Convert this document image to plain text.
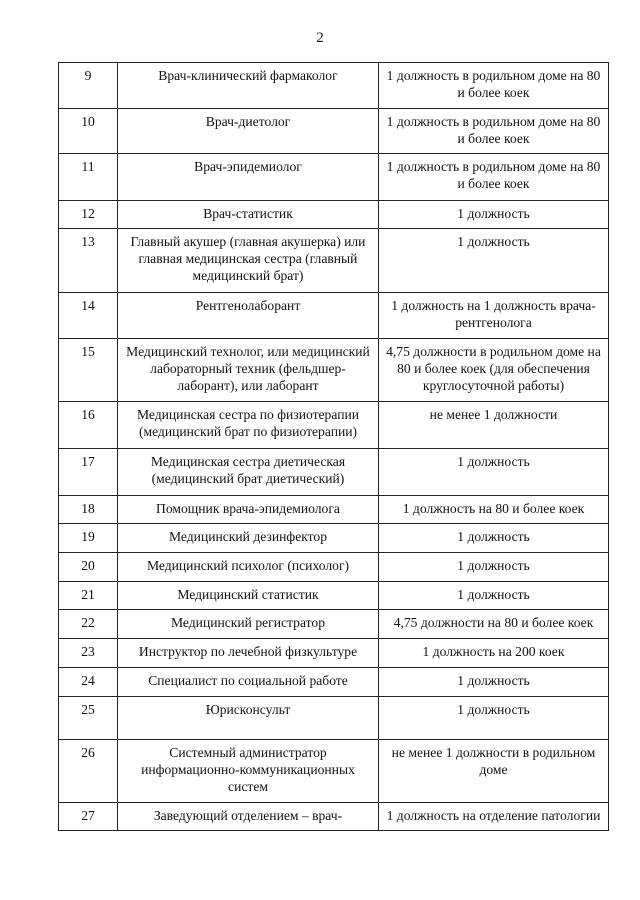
2
9	Врач-клинический фармаколог	1 должность в родильном доме на 80 и более коек
10	Врач-диетолог	1 должность в родильном доме на 80 и более коек
11	Врач-эпидемиолог	1 должность в родильном доме на 80 и более коек
12	Врач-статистик	1 должность
13	Главный акушер (главная акушерка) или главная медицинская сестра (главный медицинский брат)	1 должность
14	Рентгенолаборант	1 должность на 1 должность врача-рентгенолога
15	Медицинский технолог, или медицинский лабораторный техник (фельдшер-лаборант), или лаборант	4,75 должности в родильном доме на 80 и более коек (для обеспечения круглосуточной работы)
16	Медицинская сестра по физиотерапии (медицинский брат по физиотерапии)	не менее 1 должности
17	Медицинская сестра диетическая (медицинский брат диетический)	1 должность
18	Помощник врача-эпидемиолога	1 должность на 80 и более коек
19	Медицинский дезинфектор	1 должность
20	Медицинский психолог (психолог)	1 должность
21	Медицинский статистик	1 должность
22	Медицинский регистратор	4,75 должности на 80 и более коек
23	Инструктор по лечебной физкультуре	1 должность на 200 коек
24	Специалист по социальной работе	1 должность
25	Юрисконсульт	1 должность
26	Системный администратор информационно-коммуникационных систем	не менее 1 должности в родильном доме
27	Заведующий отделением – врач-	1 должность на отделение патологии
